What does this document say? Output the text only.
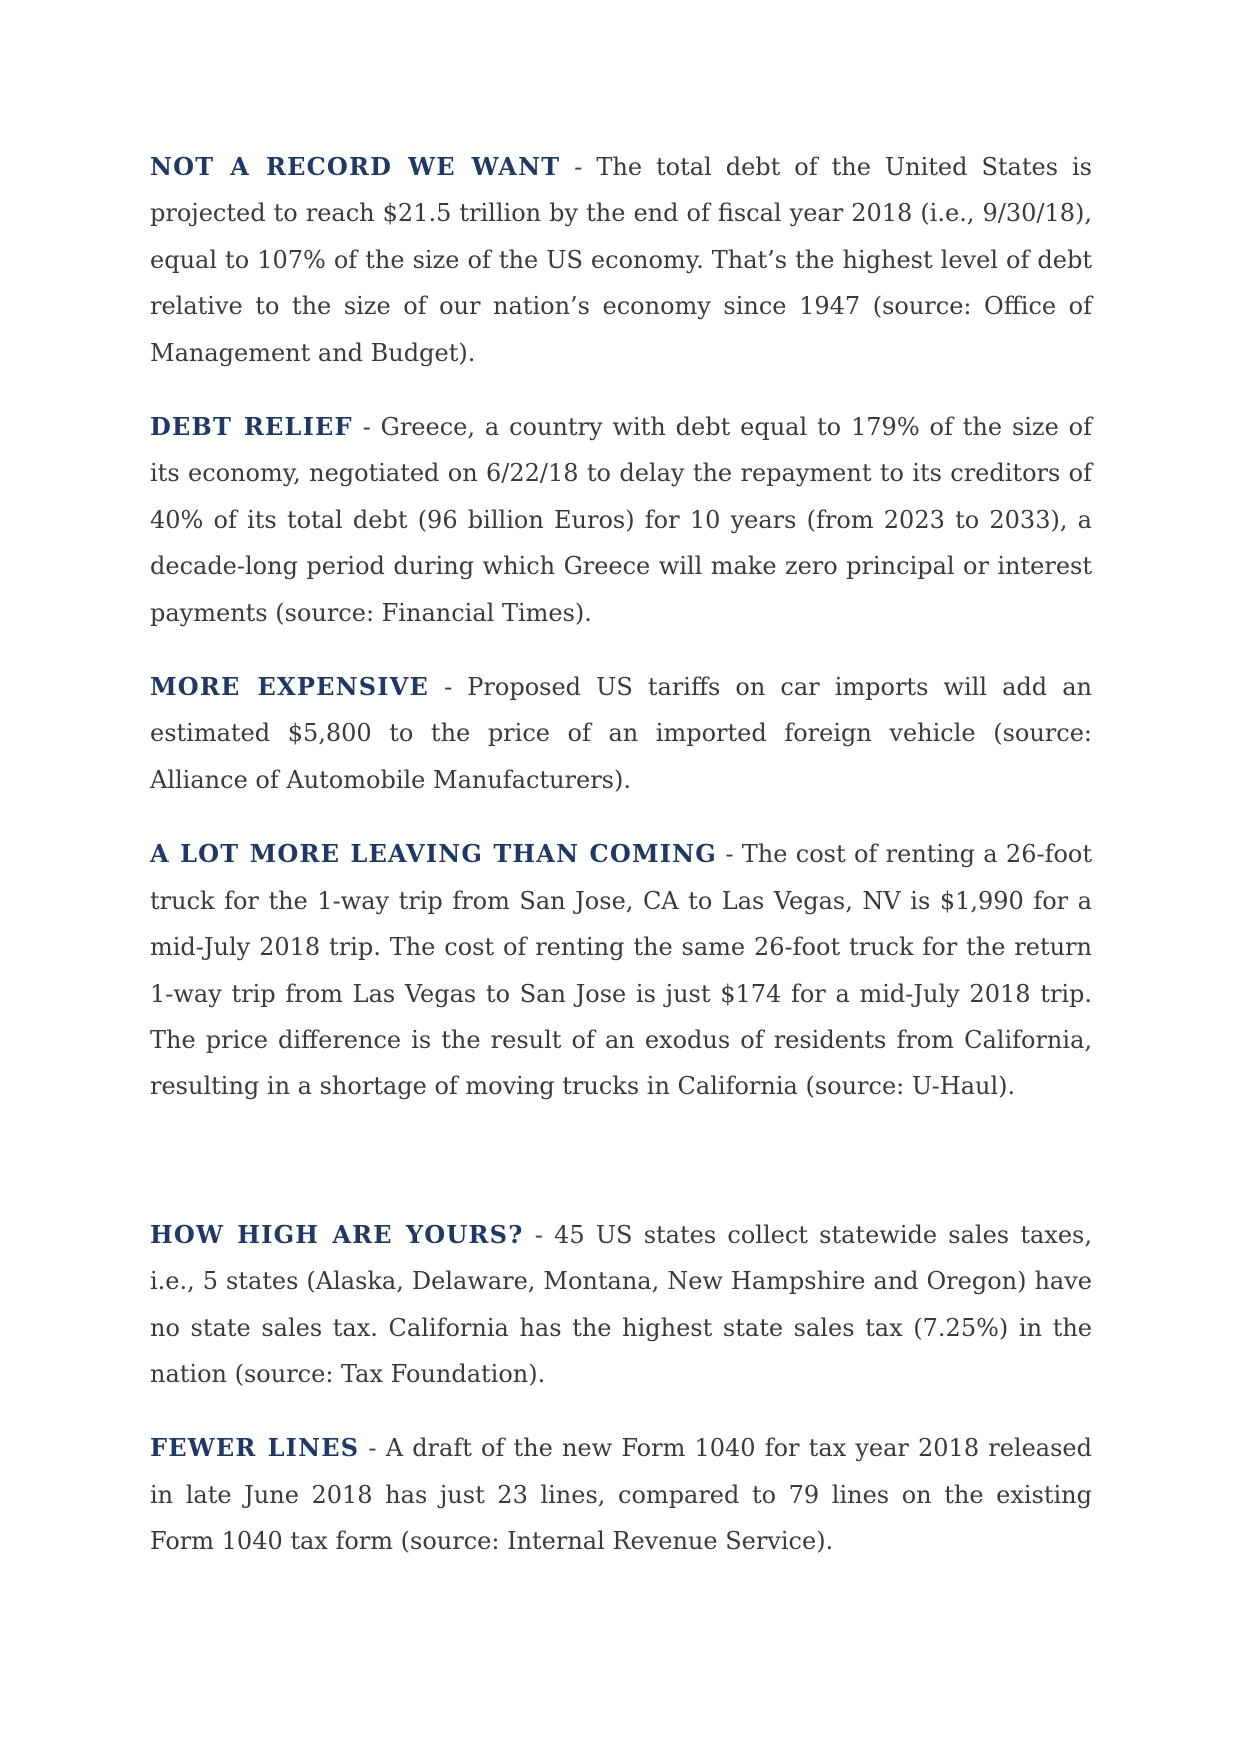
NOT A RECORD WE WANT - The total debt of the United States is projected to reach $21.5 trillion by the end of fiscal year 2018 (i.e., 9/30/18), equal to 107% of the size of the US economy. That’s the highest level of debt relative to the size of our nation’s economy since 1947 (source: Office of Management and Budget).

DEBT RELIEF - Greece, a country with debt equal to 179% of the size of its economy, negotiated on 6/22/18 to delay the repayment to its creditors of 40% of its total debt (96 billion Euros) for 10 years (from 2023 to 2033), a decade-long period during which Greece will make zero principal or interest payments (source: Financial Times).

MORE EXPENSIVE - Proposed US tariffs on car imports will add an estimated $5,800 to the price of an imported foreign vehicle (source: Alliance of Automobile Manufacturers).

A LOT MORE LEAVING THAN COMING - The cost of renting a 26-foot truck for the 1-way trip from San Jose, CA to Las Vegas, NV is $1,990 for a mid-July 2018 trip. The cost of renting the same 26-foot truck for the return 1-way trip from Las Vegas to San Jose is just $174 for a mid-July 2018 trip. The price difference is the result of an exodus of residents from California, resulting in a shortage of moving trucks in California (source: U-Haul).

HOW HIGH ARE YOURS? - 45 US states collect statewide sales taxes, i.e., 5 states (Alaska, Delaware, Montana, New Hampshire and Oregon) have no state sales tax. California has the highest state sales tax (7.25%) in the nation (source: Tax Foundation).

FEWER LINES - A draft of the new Form 1040 for tax year 2018 released in late June 2018 has just 23 lines, compared to 79 lines on the existing Form 1040 tax form (source: Internal Revenue Service).
